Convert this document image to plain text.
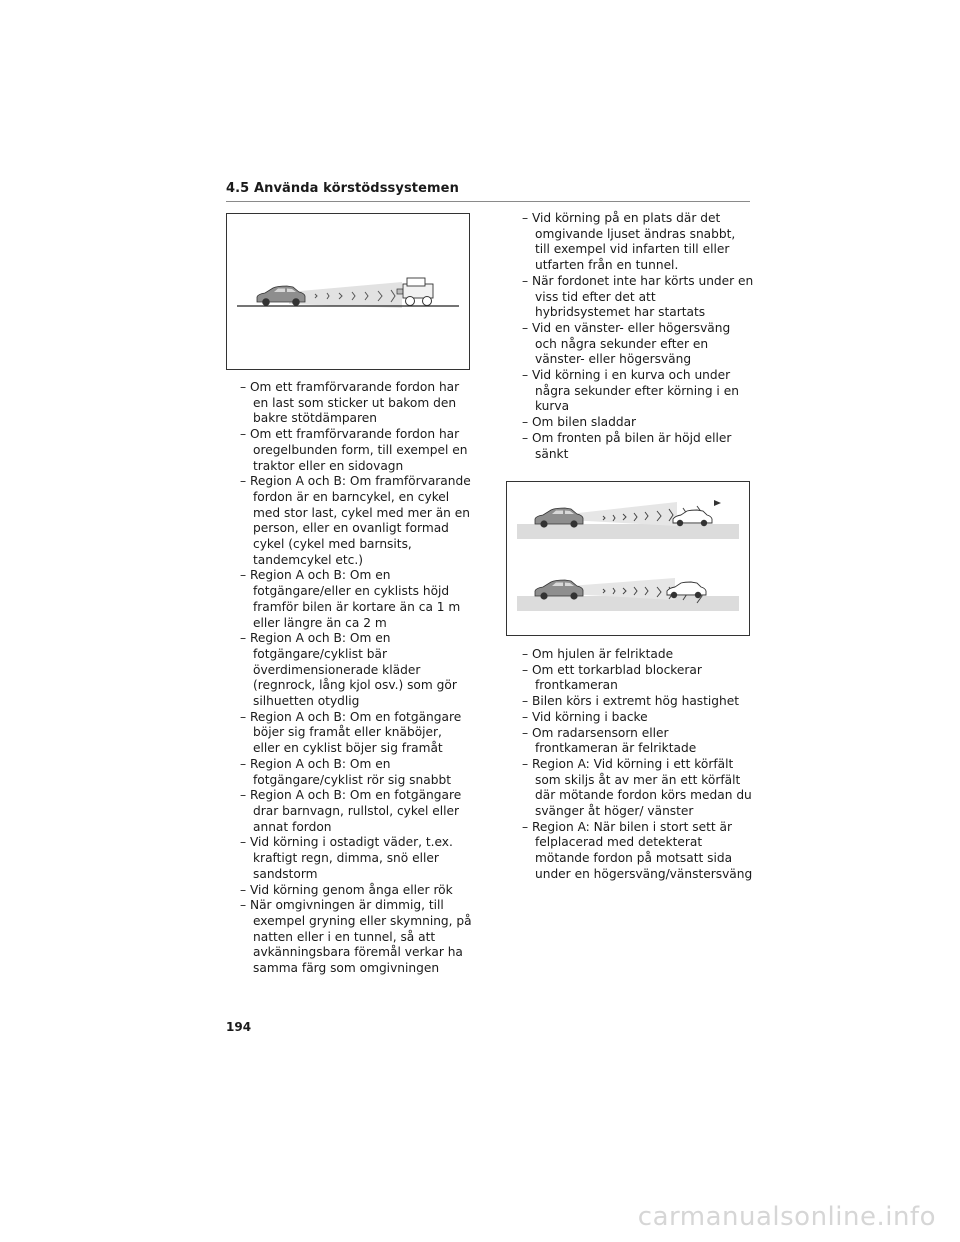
4.5 Använda körstödssystemen
– Om ett framförvarande fordon har en last som sticker ut bakom den bakre stötdämparen
– Om ett framförvarande fordon har oregelbunden form, till exempel en traktor eller en sidovagn
– Region A och B: Om framförvarande fordon är en barncykel, en cykel med stor last, cykel med mer än en person, eller en ovanligt formad cykel (cykel med barnsits, tandemcykel etc.)
– Region A och B: Om en fotgängare/eller en cyklists höjd framför bilen är kortare än ca 1 m eller längre än ca 2 m
– Region A och B: Om en fotgängare/cyklist bär överdimensionerade kläder (regnrock, lång kjol osv.) som gör silhuetten otydlig
– Region A och B: Om en fotgängare böjer sig framåt eller knäböjer, eller en cyklist böjer sig framåt
– Region A och B: Om en fotgängare/cyklist rör sig snabbt
– Region A och B: Om en fotgängare drar barnvagn, rullstol, cykel eller annat fordon
– Vid körning i ostadigt väder, t.ex. kraftigt regn, dimma, snö eller sandstorm
– Vid körning genom ånga eller rök
– När omgivningen är dimmig, till exempel gryning eller skymning, på natten eller i en tunnel, så att avkänningsbara föremål verkar ha samma färg som omgivningen
– Vid körning på en plats där det omgivande ljuset ändras snabbt, till exempel vid infarten till eller utfarten från en tunnel.
– När fordonet inte har körts under en viss tid efter det att hybridsystemet har startats
– Vid en vänster- eller högersväng och några sekunder efter en vänster- eller högersväng
– Vid körning i en kurva och under några sekunder efter körning i en kurva
– Om bilen sladdar
– Om fronten på bilen är höjd eller sänkt
– Om hjulen är felriktade
– Om ett torkarblad blockerar frontkameran
– Bilen körs i extremt hög hastighet
– Vid körning i backe
– Om radarsensorn eller frontkameran är felriktade
– Region A: Vid körning i ett körfält som skiljs åt av mer än ett körfält där mötande fordon körs medan du svänger åt höger/ vänster
– Region A: När bilen i stort sett är felplacerad med detekterat mötande fordon på motsatt sida under en högersväng/vänstersväng
194
carmanualsonline.info
